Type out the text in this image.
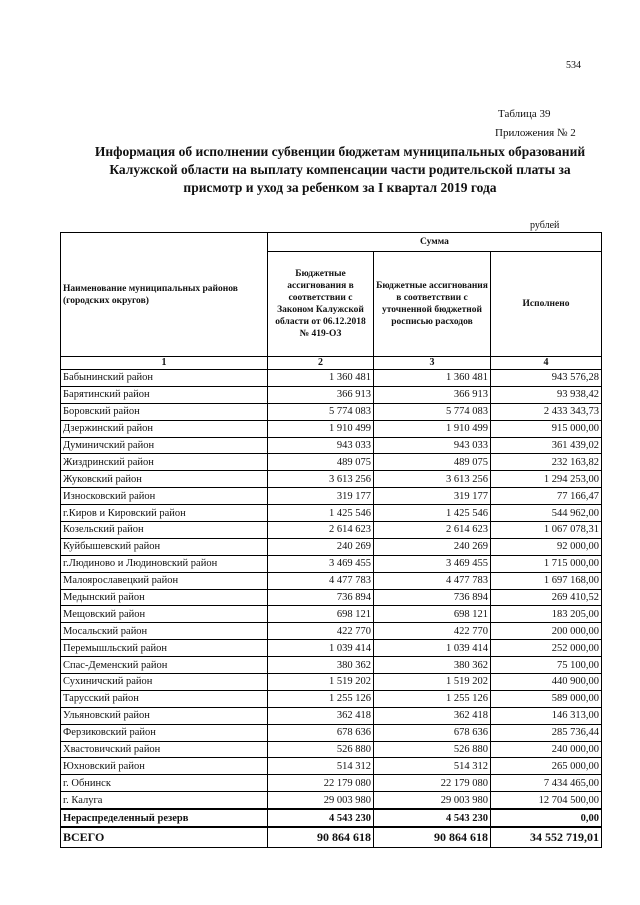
534
Таблица 39
Приложения № 2
Информация об исполнении субвенции бюджетам муниципальных образований Калужской области на выплату компенсации части родительской платы за присмотр и уход за ребенком за I квартал 2019 года
рублей
Наименование муниципальных районов (городских округов)	Сумма		
	Бюджетные ассигнования в соответствии с Законом Калужской области от 06.12.2018 № 419-ОЗ	Бюджетные ассигнования в соответствии с уточненной бюджетной росписью расходов	Исполнено
1	2	3	4
Бабынинский район	1 360 481	1 360 481	943 576,28
Барятинский район	366 913	366 913	93 938,42
Боровский район	5 774 083	5 774 083	2 433 343,73
Дзержинский район	1 910 499	1 910 499	915 000,00
Думиничский район	943 033	943 033	361 439,02
Жиздринский район	489 075	489 075	232 163,82
Жуковский район	3 613 256	3 613 256	1 294 253,00
Износковский район	319 177	319 177	77 166,47
г.Киров и Кировский район	1 425 546	1 425 546	544 962,00
Козельский район	2 614 623	2 614 623	1 067 078,31
Куйбышевский район	240 269	240 269	92 000,00
г.Людиново и Людиновский район	3 469 455	3 469 455	1 715 000,00
Малоярославецкий район	4 477 783	4 477 783	1 697 168,00
Медынский район	736 894	736 894	269 410,52
Мещовский район	698 121	698 121	183 205,00
Мосальский район	422 770	422 770	200 000,00
Перемышльский район	1 039 414	1 039 414	252 000,00
Спас-Деменский район	380 362	380 362	75 100,00
Сухиничский район	1 519 202	1 519 202	440 900,00
Тарусский район	1 255 126	1 255 126	589 000,00
Ульяновский район	362 418	362 418	146 313,00
Ферзиковский район	678 636	678 636	285 736,44
Хвастовичский район	526 880	526 880	240 000,00
Юхновский район	514 312	514 312	265 000,00
г. Обнинск	22 179 080	22 179 080	7 434 465,00
г. Калуга	29 003 980	29 003 980	12 704 500,00
Нераспределенный резерв	4 543 230	4 543 230	0,00
ВСЕГО	90 864 618	90 864 618	34 552 719,01
